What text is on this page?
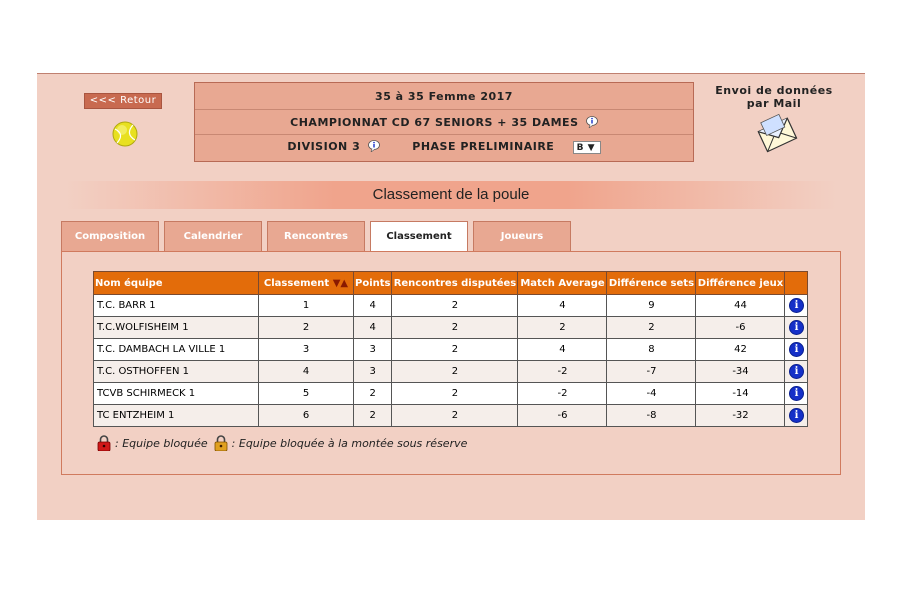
<<< Retour	35 à 35 Femme 2017
CHAMPIONNAT CD 67 SENIORS + 35 DAMES
DIVISION 3	PHASE PRELIMINAIRE B ▼
Envoi de données par Mail
Classement de la poule
Composition	Calendrier	Rencontres	Classement	Joueurs
Nom équipe	Classement ▼▲	Points	Rencontres disputées	Match Average	Différence sets	Différence jeux	
T.C. BARR 1	1	4	2	4	9	44	i
T.C.WOLFISHEIM 1	2	4	2	2	2	-6	i
T.C. DAMBACH LA VILLE 1	3	3	2	4	8	42	i
T.C. OSTHOFFEN 1	4	3	2	-2	-7	-34	i
TCVB SCHIRMECK 1	5	2	2	-2	-4	-14	i
TC ENTZHEIM 1	6	2	2	-6	-8	-32	i
: Equipe bloquée : Equipe bloquée à la montée sous réserve
